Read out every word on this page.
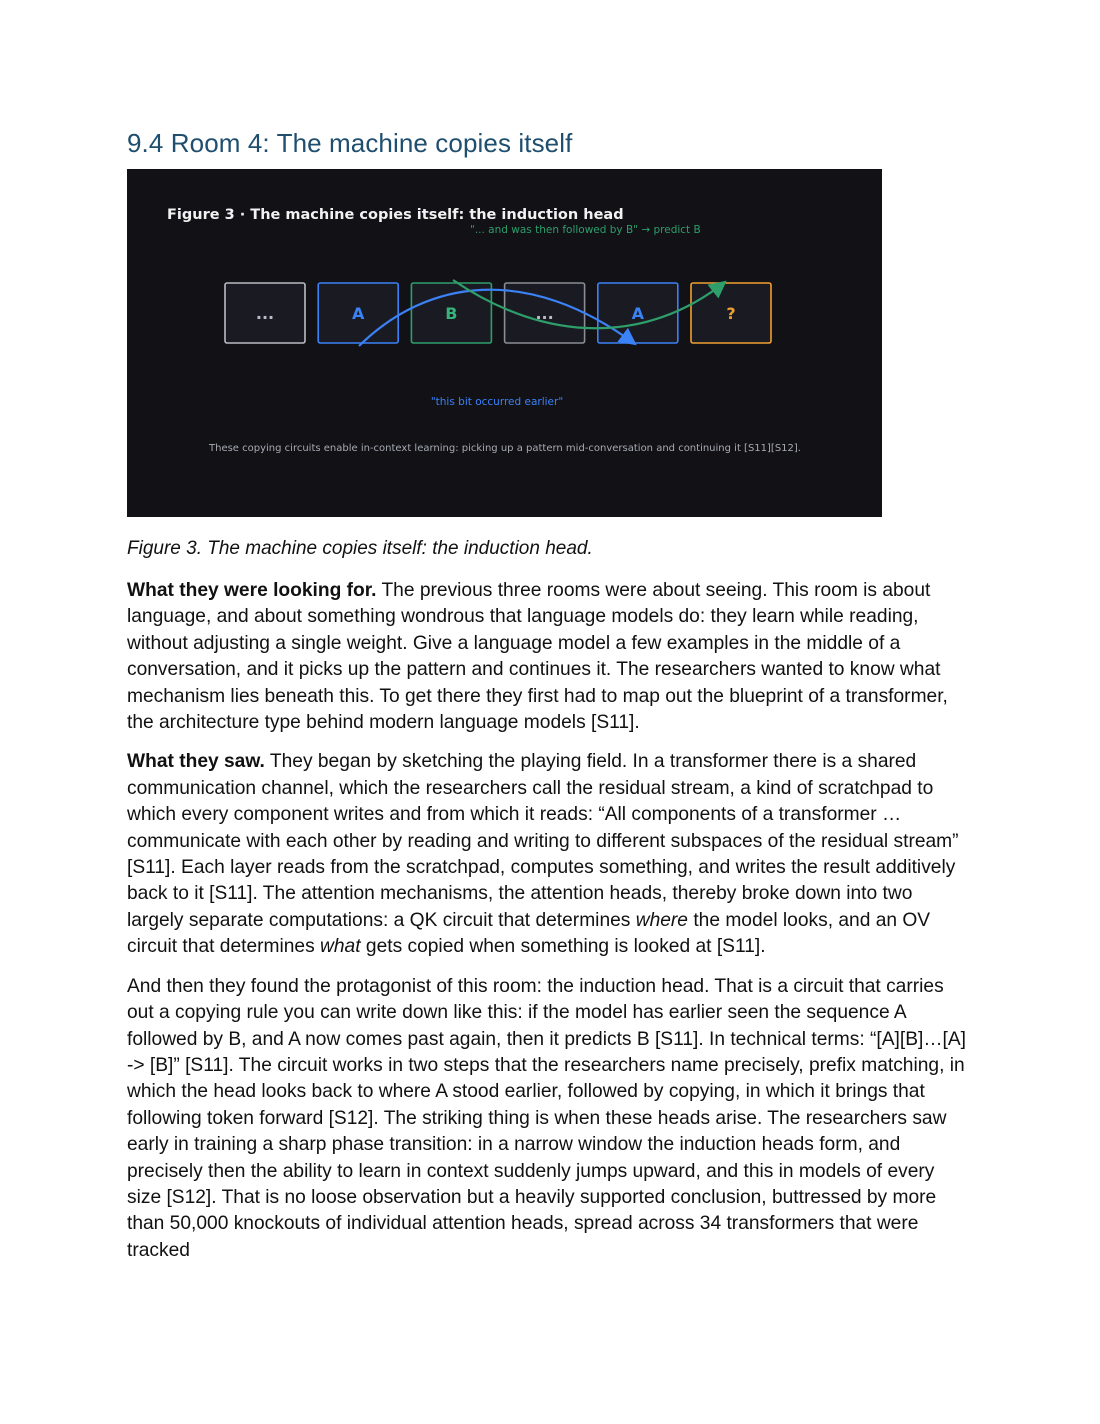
9.4 Room 4: The machine copies itself
Figure 3 · The machine copies itself: the induction head
"... and was then followed by B" → predict B
...	A	B	...	A	?
"this bit occurred earlier"
These copying circuits enable in-context learning: picking up a pattern mid-conversation and continuing it [S11][S12].

Figure 3. The machine copies itself: the induction head.

What they were looking for. The previous three rooms were about seeing. This room is about language, and about something wondrous that language models do: they learn while reading, without adjusting a single weight. Give a language model a few examples in the middle of a conversation, and it picks up the pattern and continues it. The researchers wanted to know what mechanism lies beneath this. To get there they first had to map out the blueprint of a transformer, the architecture type behind modern language models [S11].

What they saw. They began by sketching the playing field. In a transformer there is a shared communication channel, which the researchers call the residual stream, a kind of scratchpad to which every component writes and from which it reads: “All components of a transformer … communicate with each other by reading and writing to different subspaces of the residual stream” [S11]. Each layer reads from the scratchpad, computes something, and writes the result additively back to it [S11]. The attention mechanisms, the attention heads, thereby broke down into two largely separate computations: a QK circuit that determines where the model looks, and an OV circuit that determines what gets copied when something is looked at [S11].

And then they found the protagonist of this room: the induction head. That is a circuit that carries out a copying rule you can write down like this: if the model has earlier seen the sequence A followed by B, and A now comes past again, then it predicts B [S11]. In technical terms: “[A][B]…[A] -> [B]” [S11]. The circuit works in two steps that the researchers name precisely, prefix matching, in which the head looks back to where A stood earlier, followed by copying, in which it brings that following token forward [S12]. The striking thing is when these heads arise. The researchers saw early in training a sharp phase transition: in a narrow window the induction heads form, and precisely then the ability to learn in context suddenly jumps upward, and this in models of every size [S12]. That is no loose observation but a heavily supported conclusion, buttressed by more than 50,000 knockouts of individual attention heads, spread across 34 transformers that were tracked
